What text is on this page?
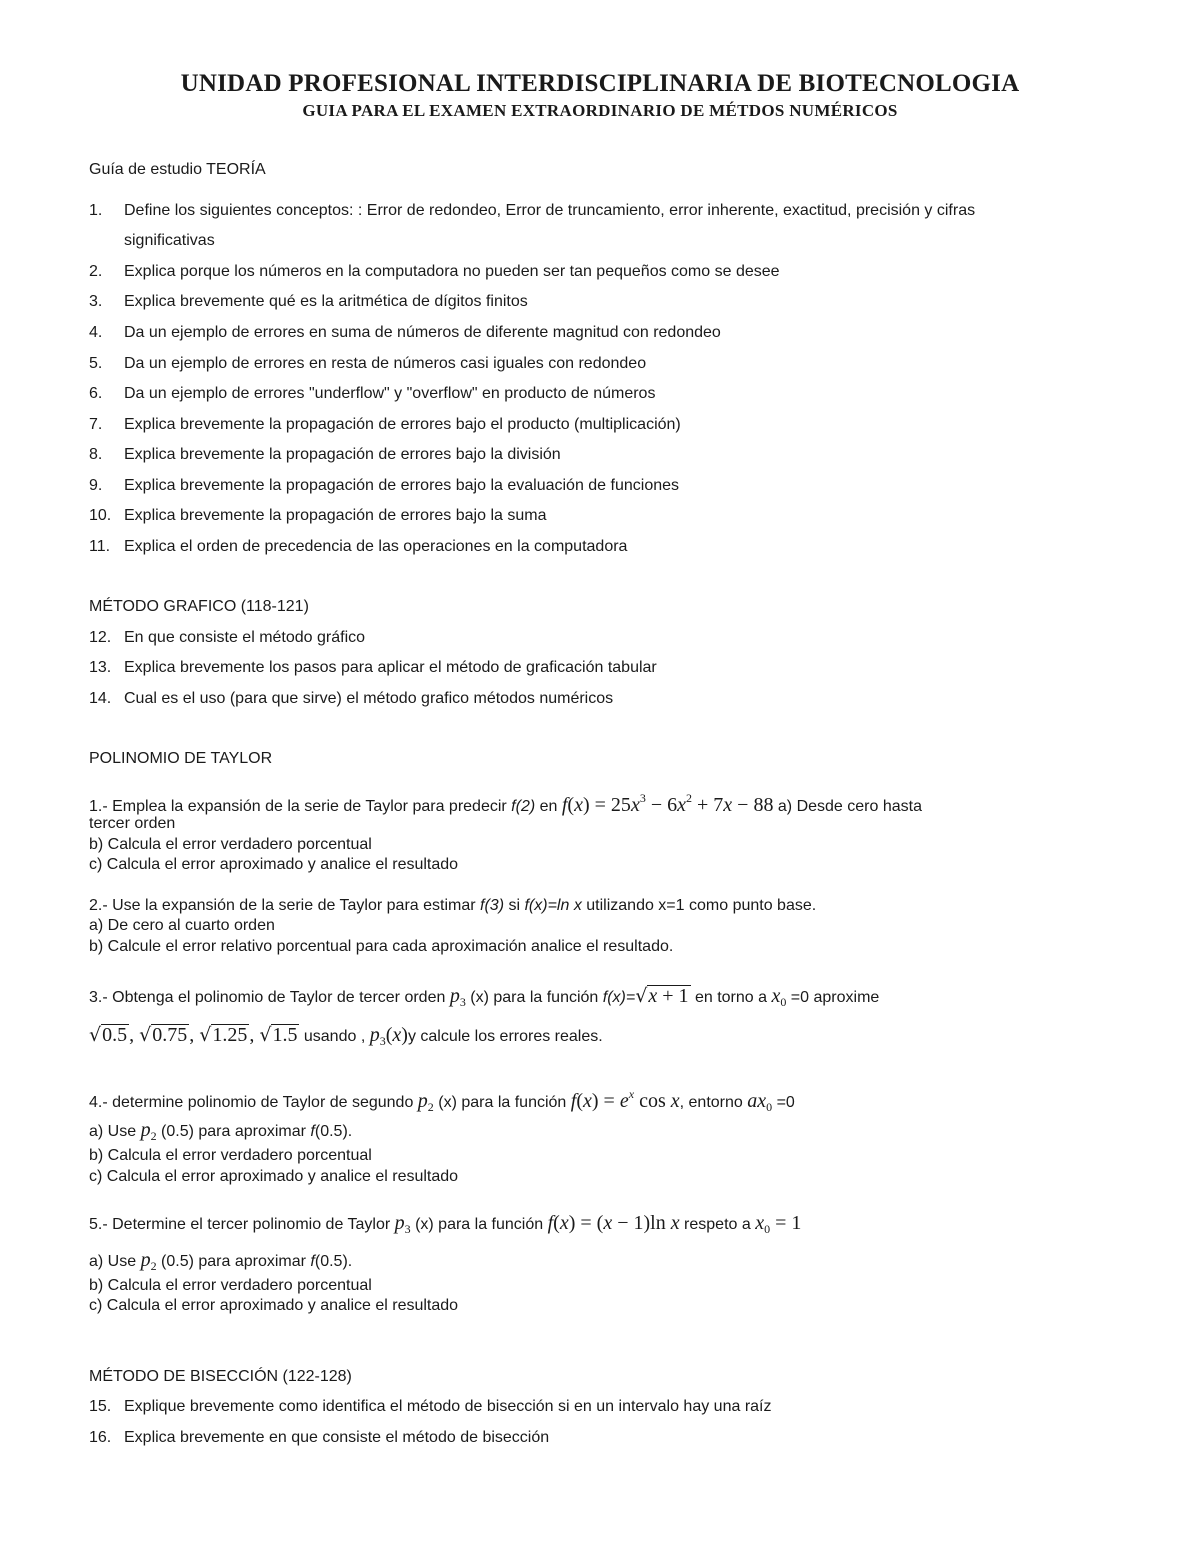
UNIDAD PROFESIONAL INTERDISCIPLINARIA DE BIOTECNOLOGIA
GUIA PARA EL EXAMEN EXTRAORDINARIO DE MÉTDOS NUMÉRICOS
Guía de estudio TEORÍA
1. Define los siguientes conceptos: : Error de redondeo, Error de truncamiento, error inherente, exactitud, precisión y cifras
significativas
2. Explica porque los números en la computadora no pueden ser tan pequeños como se desee
3. Explica brevemente qué es la aritmética de dígitos finitos
4. Da un ejemplo de errores en suma de números de diferente magnitud con redondeo
5. Da un ejemplo de errores en resta de números casi iguales con redondeo
6. Da un ejemplo de errores "underflow" y "overflow" en producto de números
7. Explica brevemente la propagación de errores bajo el producto (multiplicación)
8. Explica brevemente la propagación de errores bajo la división
9. Explica brevemente la propagación de errores bajo la evaluación de funciones
10. Explica brevemente la propagación de errores bajo la suma
11. Explica el orden de precedencia de las operaciones en la computadora
MÉTODO GRAFICO (118-121)
12. En que consiste el método gráfico
13. Explica brevemente los pasos para aplicar el método de graficación tabular
14. Cual es el uso (para que sirve) el método grafico métodos numéricos
POLINOMIO DE TAYLOR
1.- Emplea la expansión de la serie de Taylor para predecir f(2) en $f(x) = 25x^3 - 6x^2 + 7x - 88$ a) Desde cero hasta
tercer orden
b) Calcula el error verdadero porcentual
c) Calcula el error aproximado y analice el resultado
2.- Use la expansión de la serie de Taylor para estimar f(3) si f(x)=ln x utilizando x=1 como punto base.
a) De cero al cuarto orden
b) Calcule el error relativo porcentual para cada aproximación analice el resultado.
3.- Obtenga el polinomio de Taylor de tercer orden $p_3$ (x) para la función f(x)=√x + 1 en torno a $x_0 =0$ aproxime
√0.5 , √0.75 , √1.25 , √1.5 usando , $p_3(x)y$ calcule los errores reales.
4.- determine polinomio de Taylor de segundo $p_2$ (x) para la función $f(x) = e^x$ cos x, entorno $ax_0 =0$
a) Use $p_2$ (0.5) para aproximar f(0.5).
b) Calcula el error verdadero porcentual
c) Calcula el error aproximado y analice el resultado
5.- Determine el tercer polinomio de Taylor $p_3$ (x) para la función f(x) = (x − 1)ln x respeto a $x_0 = 1$
a) Use $p_2$ (0.5) para aproximar f(0.5).
b) Calcula el error verdadero porcentual
c) Calcula el error aproximado y analice el resultado
MÉTODO DE BISECCIÓN (122-128)
15. Explique brevemente como identifica el método de bisección si en un intervalo hay una raíz
16. Explica brevemente en que consiste el método de bisección
